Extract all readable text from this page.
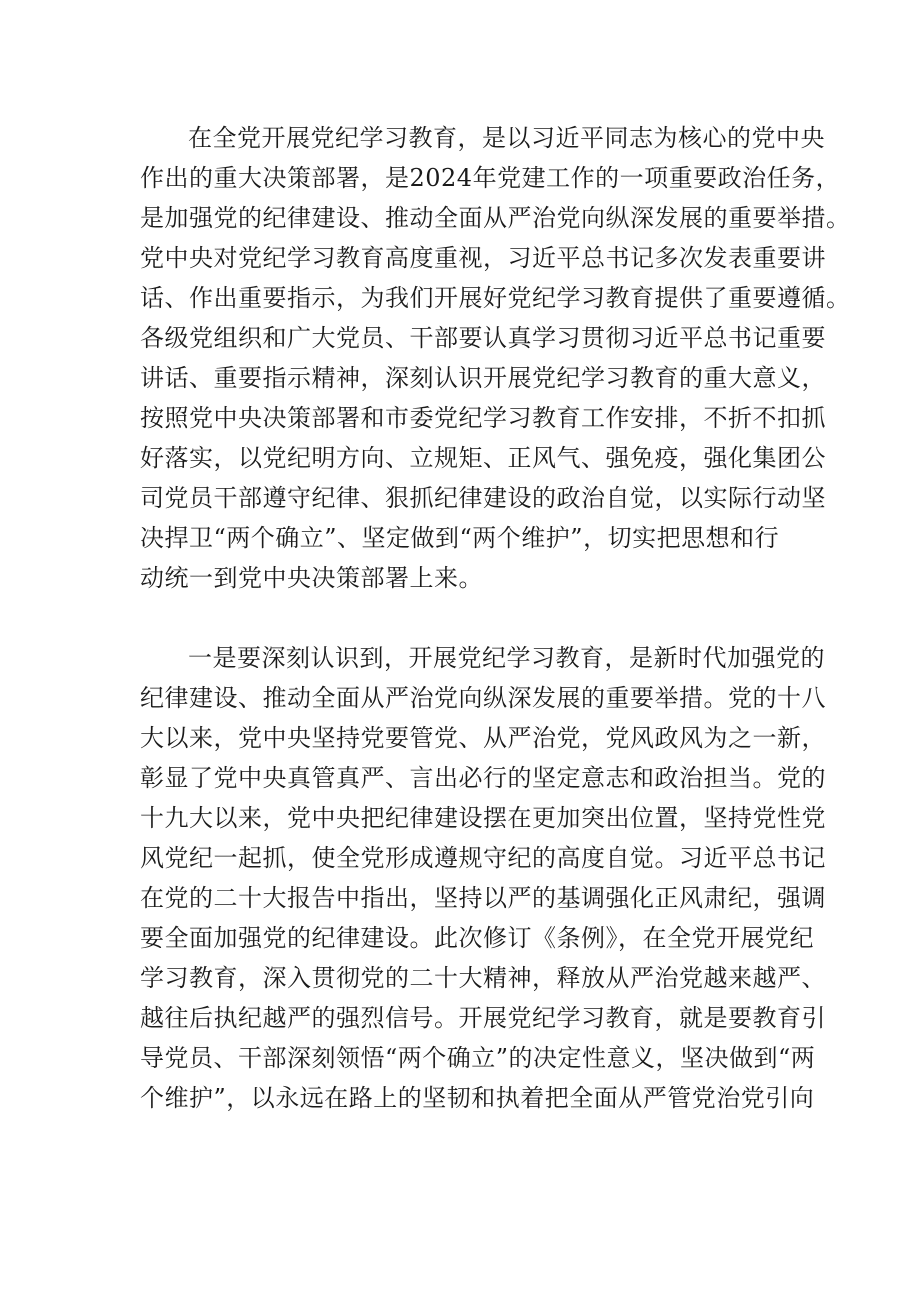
在全党开展党纪学习教育，是以习近平同志为核心的党中央
作出的重大决策部署，是2024年党建工作的一项重要政治任务，
是加强党的纪律建设、推动全面从严治党向纵深发展的重要举措。
党中央对党纪学习教育高度重视，习近平总书记多次发表重要讲
话、作出重要指示，为我们开展好党纪学习教育提供了重要遵循。
各级党组织和广大党员、干部要认真学习贯彻习近平总书记重要
讲话、重要指示精神，深刻认识开展党纪学习教育的重大意义，
按照党中央决策部署和市委党纪学习教育工作安排，不折不扣抓
好落实，以党纪明方向、立规矩、正风气、强免疫，强化集团公
司党员干部遵守纪律、狠抓纪律建设的政治自觉，以实际行动坚
决捍卫“两个确立”、坚定做到“两个维护”，切实把思想和行
动统一到党中央决策部署上来。
一是要深刻认识到，开展党纪学习教育，是新时代加强党的
纪律建设、推动全面从严治党向纵深发展的重要举措。党的十八
大以来，党中央坚持党要管党、从严治党，党风政风为之一新，
彰显了党中央真管真严、言出必行的坚定意志和政治担当。党的
十九大以来，党中央把纪律建设摆在更加突出位置，坚持党性党
风党纪一起抓，使全党形成遵规守纪的高度自觉。习近平总书记
在党的二十大报告中指出，坚持以严的基调强化正风肃纪，强调
要全面加强党的纪律建设。此次修订《条例》，在全党开展党纪
学习教育，深入贯彻党的二十大精神，释放从严治党越来越严、
越往后执纪越严的强烈信号。开展党纪学习教育，就是要教育引
导党员、干部深刻领悟“两个确立”的决定性意义，坚决做到“两
个维护”，以永远在路上的坚韧和执着把全面从严管党治党引向
